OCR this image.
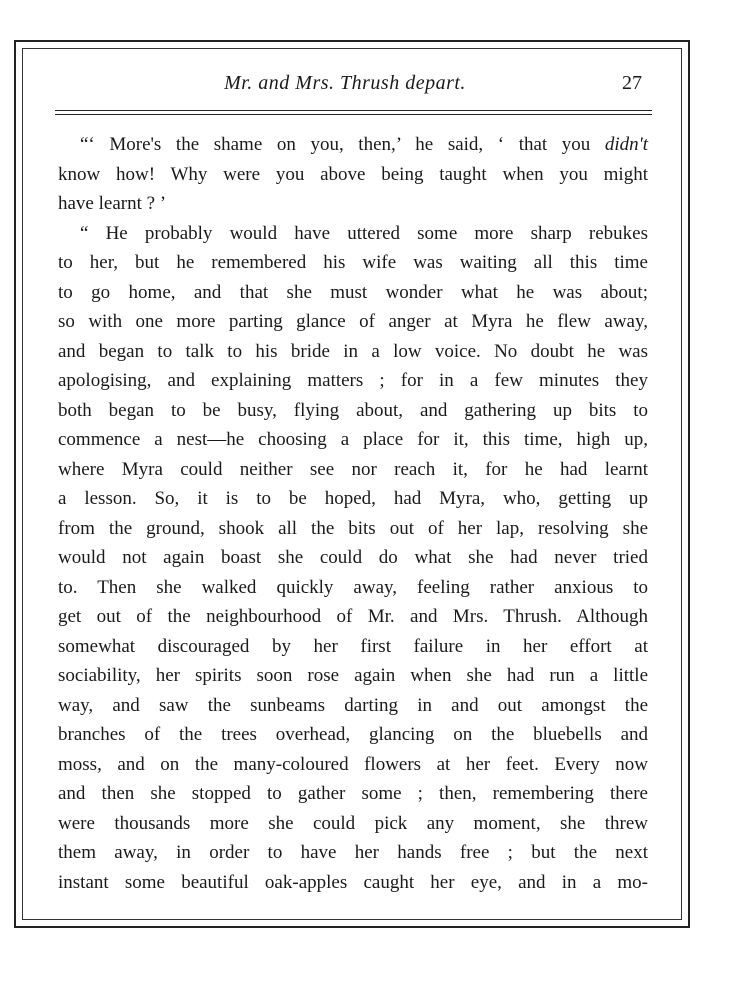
Mr. and Mrs. Thrush depart.	27
“‘ More's the shame on you, then,’ he said, ‘ that you didn't
know how! Why were you above being taught when you might
have learnt ? ’
“ He probably would have uttered some more sharp rebukes
to her, but he remembered his wife was waiting all this time
to go home, and that she must wonder what he was about;
so with one more parting glance of anger at Myra he flew away,
and began to talk to his bride in a low voice. No doubt he was
apologising, and explaining matters ; for in a few minutes they
both began to be busy, flying about, and gathering up bits to
commence a nest—he choosing a place for it, this time, high up,
where Myra could neither see nor reach it, for he had learnt
a lesson. So, it is to be hoped, had Myra, who, getting up
from the ground, shook all the bits out of her lap, resolving she
would not again boast she could do what she had never tried
to. Then she walked quickly away, feeling rather anxious to
get out of the neighbourhood of Mr. and Mrs. Thrush. Although
somewhat discouraged by her first failure in her effort at
sociability, her spirits soon rose again when she had run a little
way, and saw the sunbeams darting in and out amongst the
branches of the trees overhead, glancing on the bluebells and
moss, and on the many-coloured flowers at her feet. Every now
and then she stopped to gather some ; then, remembering there
were thousands more she could pick any moment, she threw
them away, in order to have her hands free ; but the next
instant some beautiful oak-apples caught her eye, and in a mo-
